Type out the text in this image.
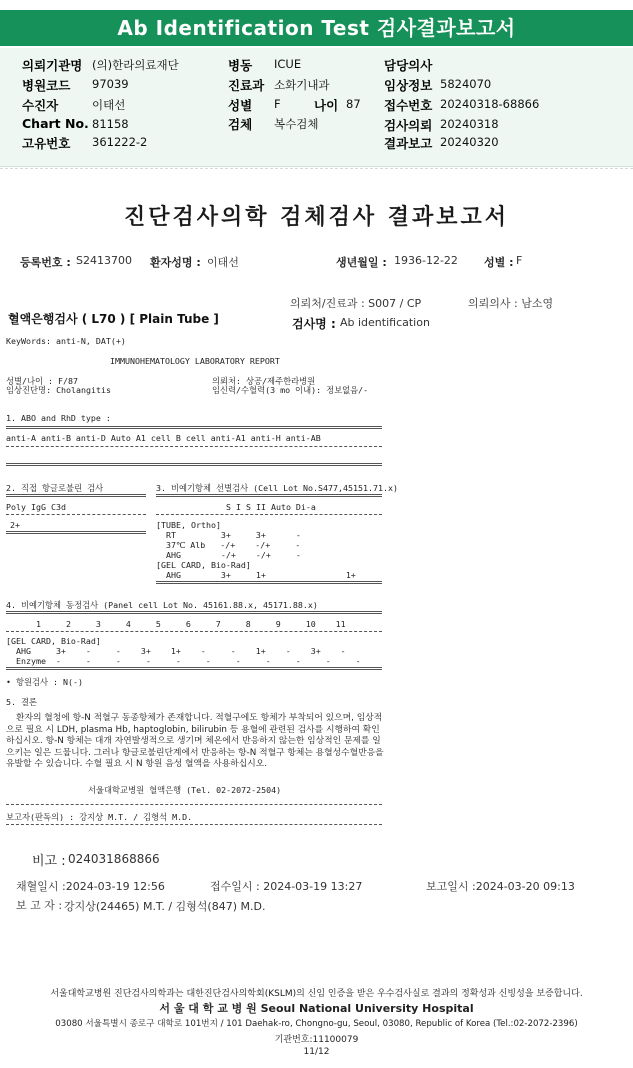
Ab Identification Test 검사결과보고서
의뢰기관명 (의)한라의료재단
병원코드 97039
수진자	이태선
Chart No. 81158
고유번호 361222-2
병동 ICUE
진료과 소화기내과
성별 F	나이 87
검체 복수검체
담당의사
임상정보 5824070
접수번호 20240318-68866
검사의뢰 20240318
결과보고 20240320
진단검사의학 검체검사 결과보고서
등록번호 : S2413700 환자성명 : 이태선	생년월일 : 1936-12-22 성별 : F
의뢰처/진료과 : S007 / CP	의뢰의사 : 남소영
혈액은행검사 ( L70 ) [ Plain Tube ]	검사명 : Ab identification
KeyWords: anti-N, DAT(+)
IMMUNOHEMATOLOGY LABORATORY REPORT
성별/나이 : F/87
임상진단명: Cholangitis
의뢰처: 상공/제주한라병원
임신력/수혈력(3 mo 이내): 정보없음/-
1. ABO and RhD type :
anti-A anti-B anti-D Auto A1 cell B cell anti-A1 anti-H anti-AB
2. 직접 항글로불린 검사
Poly IgG C3d
2+
3. 비예기항체 선별검사 (Cell Lot No.S477,45151.71.x)
S I S II Auto Di-a
[TUBE, Ortho]
RT         3+     3+      -
37℃ Alb   -/+    -/+     -
AHG        -/+    -/+     -
[GEL CARD, Bio-Rad]
AHG        3+     1+                1+
4. 비예기항체 동정검사 (Panel cell Lot No. 45161.88.x, 45171.88.x)
1     2     3     4     5     6     7     8     9     10    11
[GEL CARD, Bio-Rad]
AHG     3+    -     -    3+    1+    -     -    1+    -    3+    -
Enzyme  -     -     -     -     -     -     -     -     -     -     -
• 항원검사 : N(-)
5. 결론
환자의 혈청에 항-N 적혈구 동종항체가 존재합니다. 적혈구에도 항체가 부착되어 있으며, 임상적으로 필요 시 LDH, plasma Hb, haptoglobin, bilirubin 등 용혈에 관련된 검사를 시행하여 확인하십시오. 항-N 항체는 대개 자연발생적으로 생기며 체온에서 반응하지 않는한 임상적인 문제를 일으키는 일은 드뭅니다. 그러나 항글로불린단계에서 반응하는 항-N 적혈구 항체는 용혈성수혈반응을 유발할 수 있습니다. 수혈 필요 시 N 항원 음성 혈액을 사용하십시오.
서울대학교병원 혈액은행 (Tel. 02-2072-2504)
보고자(판독의) : 강지상 M.T. / 김형석 M.D.
비고 : 024031868866
채혈일시 :2024-03-19 12:56	접수일시 : 2024-03-19 13:27	보고일시 :2024-03-20 09:13
보 고 자 : 강지상(24465) M.T. / 김형석(847) M.D.
서울대학교병원 진단검사의학과는 대한진단검사의학회(KSLM)의 신임 인증을 받은 우수검사실로 결과의 정확성과 신빙성을 보증합니다.
서 울 대 학 교 병 원 Seoul National University Hospital
03080 서울특별시 종로구 대학로 101번지 / 101 Daehak-ro, Chongno-gu, Seoul, 03080, Republic of Korea (Tel.:02-2072-2396)
기관번호:11100079
11/12
